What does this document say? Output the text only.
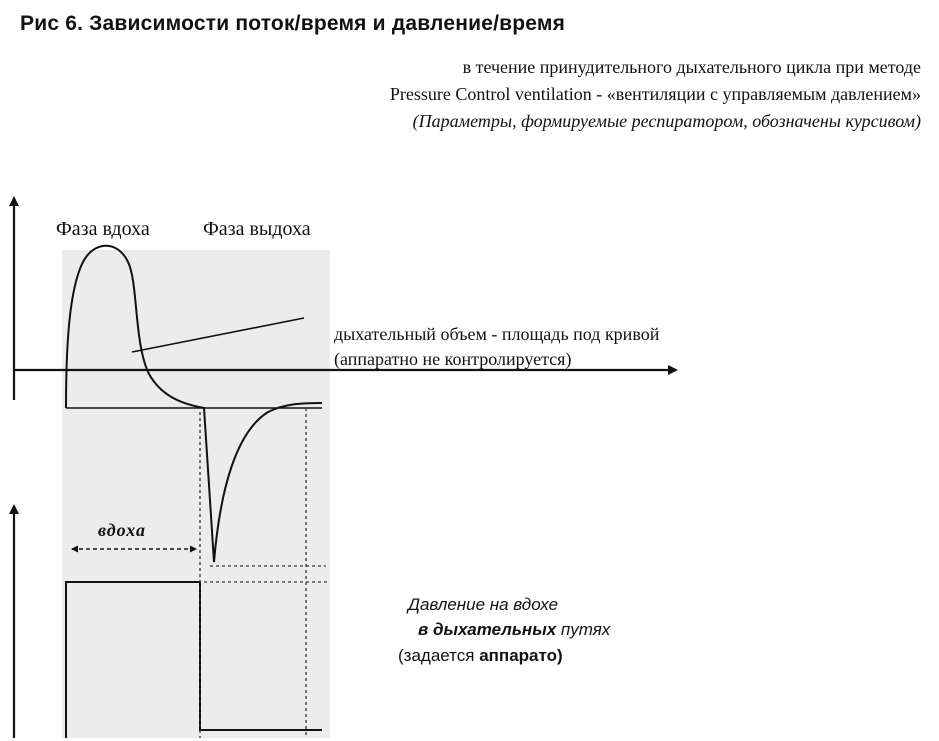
Рис 6. Зависимости поток/время и давление/время
в течение принудительного дыхательного цикла при методе
Pressure Control ventilation - «вентиляции с управляемым давлением»
(Параметры, формируемые респиратором, обозначены курсивом)
Фаза вдоха	Фаза выдоха
дыхательный объем - площадь под кривой
(аппаратно не контролируется)
вдоха
Давление на вдохе
в дыхательных путях
(задается аппарато)
